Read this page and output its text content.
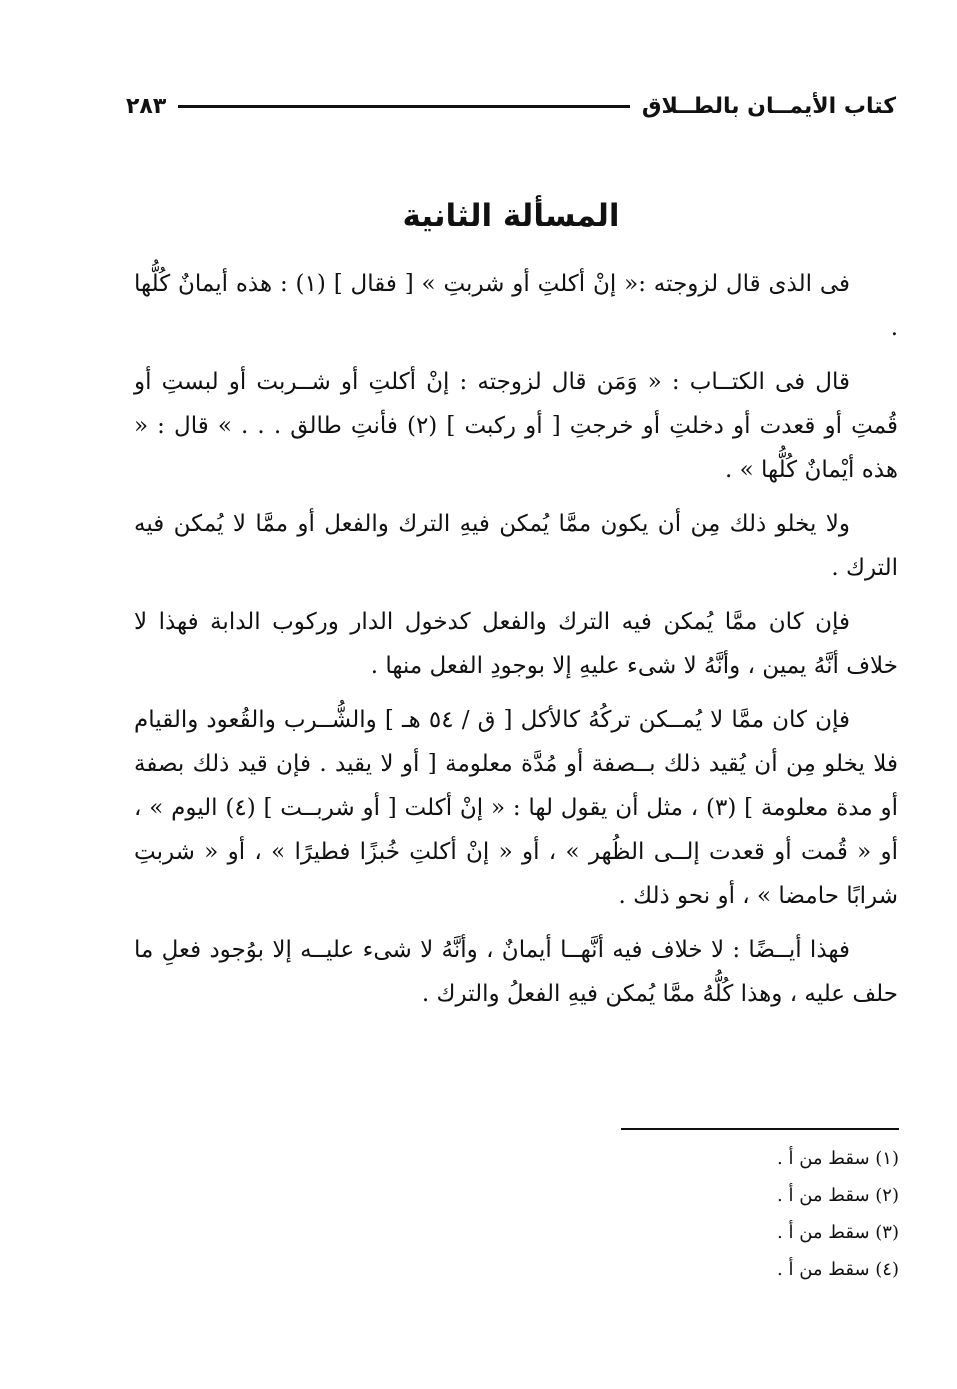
كتاب الأيمــان بالطــلاق
٢٨٣
المسألة الثانية

فى الذى قال لزوجته :« إنْ أكلتِ أو شربتِ » [ فقال ] (١) : هذه أيمانٌ كُلُّها .

قال فى الكتــاب : « وَمَن قال لزوجته : إنْ أكلتِ أو شــربت أو لبستِ أو قُمتِ أو قعدت أو دخلتِ أو خرجتِ [ أو ركبت ] (٢) فأنتِ طالق . . . » قال : « هذه أيْمانٌ كُلُّها » .

ولا يخلو ذلك مِن أن يكون ممَّا يُمكن فيهِ الترك والفعل أو ممَّا لا يُمكن فيه الترك .

فإن كان ممَّا يُمكن فيه الترك والفعل كدخول الدار وركوب الدابة فهذا لا خلاف أنَّهُ يمين ، وأنَّهُ لا شىء عليهِ إلا بوجودِ الفعل منها .

فإن كان ممَّا لا يُمــكن تركُهُ كالأكل [ ق / ٥٤ هـ ] والشُّــرب والقُعود والقيام فلا يخلو مِن أن يُقيد ذلك بــصفة أو مُدَّة معلومة [ أو لا يقيد . فإن قيد ذلك بصفة أو مدة معلومة ] (٣) ، مثل أن يقول لها : « إنْ أكلت [ أو شربــت ] (٤) اليوم » ، أو « قُمت أو قعدت إلــى الظُهر » ، أو « إنْ أكلتِ خُبزًا فطيرًا » ، أو « شربتِ شرابًا حامضا » ، أو نحو ذلك .

فهذا أيــضًا : لا خلاف فيه أنَّهــا أيمانٌ ، وأنَّهُ لا شىء عليــه إلا بوُجود فعلِ ما حلف عليه ، وهذا كُلُّهُ ممَّا يُمكن فيهِ الفعلُ والترك .

(١) سقط من أ .
(٢) سقط من أ .
(٣) سقط من أ .
(٤) سقط من أ .
